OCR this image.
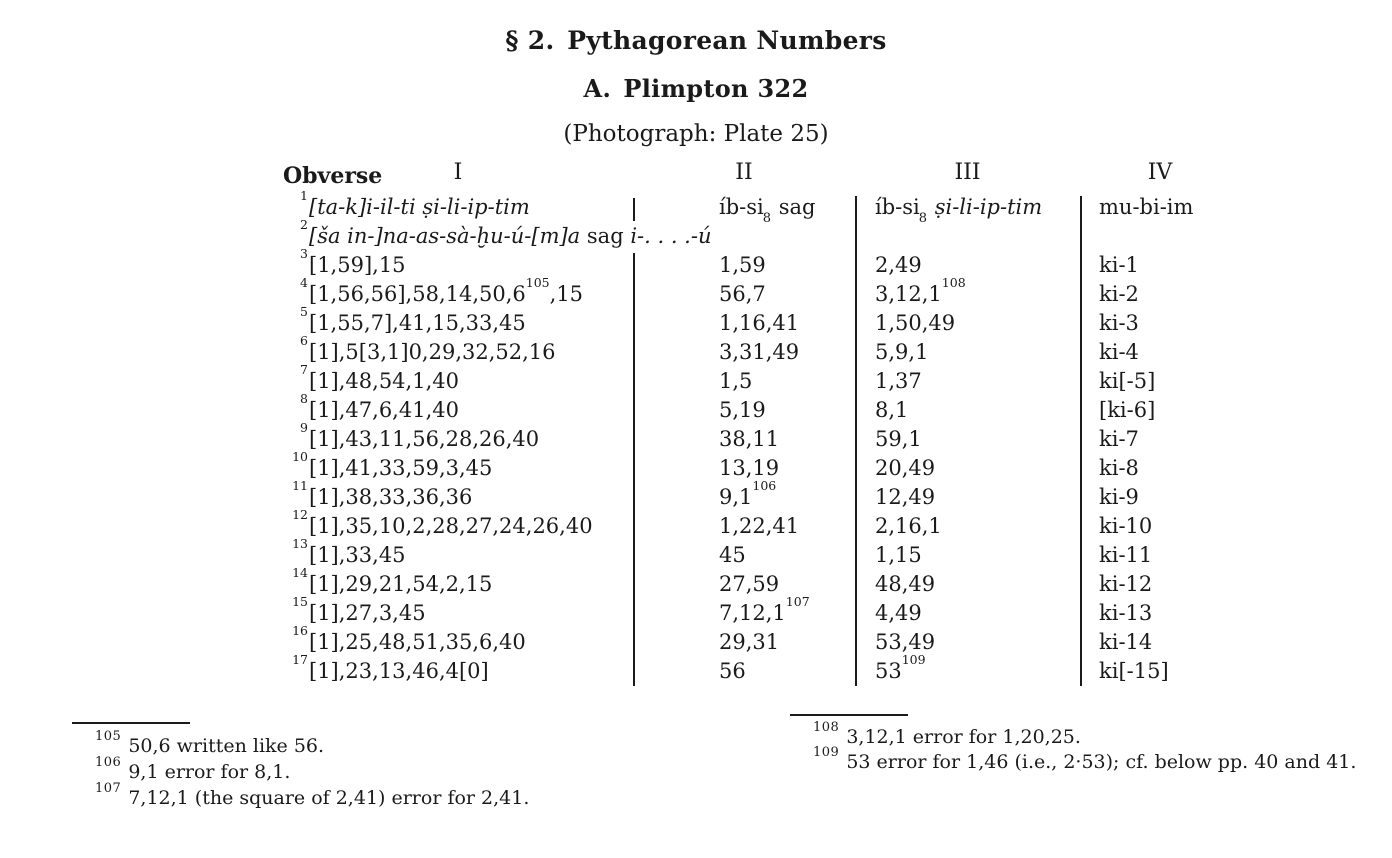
§ 2. Pythagorean Numbers
A. Plimpton 322
(Photograph: Plate 25)
Obverse	I	II	III	IV
$^1$[ta-k]i-il-ti ṣi-li-ip-tim	$íb-si_8$ sag	$íb-si_8$ ṣi-li-ip-tim	mu-bi-im
$^2$[ša in-]na-as-sà-ḫu-ú-[m]a sag i-. . . .-ú
$^3$[1,59],15	1,59	2,49	ki-1
$^4$[1,56,56],58,14,50,6$^{105}$,15	56,7	3,12,1$^{108}$	ki-2
$^5$[1,55,7],41,15,33,45	1,16,41	1,50,49	ki-3
$^6$[1],5[3,1]0,29,32,52,16	3,31,49	5,9,1	ki-4
$^7$[1],48,54,1,40	1,5	1,37	ki[-5]
$^8$[1],47,6,41,40	5,19	8,1	[ki-6]
$^9$[1],43,11,56,28,26,40	38,11	59,1	ki-7
$^{10}$[1],41,33,59,3,45	13,19	20,49	ki-8
$^{11}$[1],38,33,36,36	$9,1^{106}$	12,49	ki-9
$^{12}$[1],35,10,2,28,27,24,26,40	1,22,41	2,16,1	ki-10
$^{13}$[1],33,45	45	1,15	ki-11
$^{14}$[1],29,21,54,2,15	27,59	48,49	ki-12
$^{15}$[1],27,3,45	7,12,1$^{107}$	4,49	ki-13
$^{16}$[1],25,48,51,35,6,40	29,31	53,49	ki-14
$^{17}$[1],23,13,46,4[0]	56	$53^{109}$	ki[-15]
$^{105}$ 50,6 written like 56.
$^{106}$ 9,1 error for 8,1.
$^{107}$ 7,12,1 (the square of 2,41) error for 2,41.
$^{108}$ 3,12,1 error for 1,20,25.
$^{109}$ 53 error for 1,46 (i.e., 2·53); cf. below pp. 40 and 41.
